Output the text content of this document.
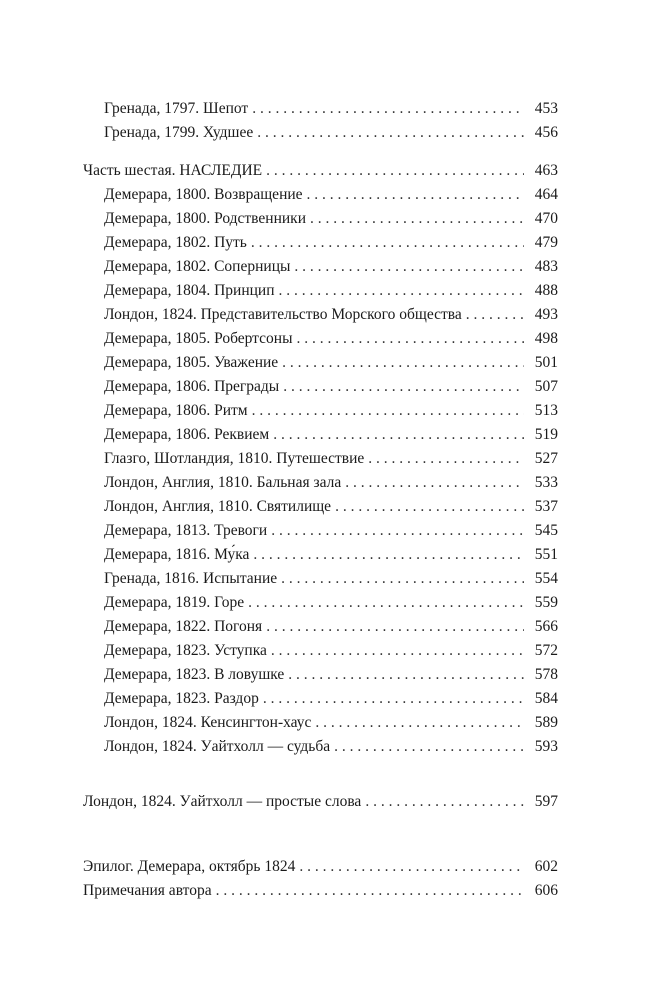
Гренада, 1797. Шепот . . .	453
Гренада, 1799. Худшее . . .	456
Часть шестая. НАСЛЕДИЕ . . .	463
Демерара, 1800. Возвращение . . .	464
Демерара, 1800. Родственники . . .	470
Демерара, 1802. Путь . . .	479
Демерара, 1802. Соперницы . . .	483
Демерара, 1804. Принцип . . .	488
Лондон, 1824. Представительство Морского общества . . .	493
Демерара, 1805. Робертсоны . . .	498
Демерара, 1805. Уважение . . .	501
Демерара, 1806. Преграды . . .	507
Демерара, 1806. Ритм . . .	513
Демерара, 1806. Реквием . . .	519
Глазго, Шотландия, 1810. Путешествие . . .	527
Лондон, Англия, 1810. Бальная зала . . .	533
Лондон, Англия, 1810. Святилище . . .	537
Демерара, 1813. Тревоги . . .	545
Демерара, 1816. Му́ка . . .	551
Гренада, 1816. Испытание . . .	554
Демерара, 1819. Горе . . .	559
Демерара, 1822. Погоня . . .	566
Демерара, 1823. Уступка . . .	572
Демерара, 1823. В ловушке . . .	578
Демерара, 1823. Раздор . . .	584
Лондон, 1824. Кенсингтон-хаус . . .	589
Лондон, 1824. Уайтхолл — судьба . . .	593
Лондон, 1824. Уайтхолл — простые слова . . .	597
Эпилог. Демерара, октябрь 1824 . . .	602
Примечания автора . . .	606
